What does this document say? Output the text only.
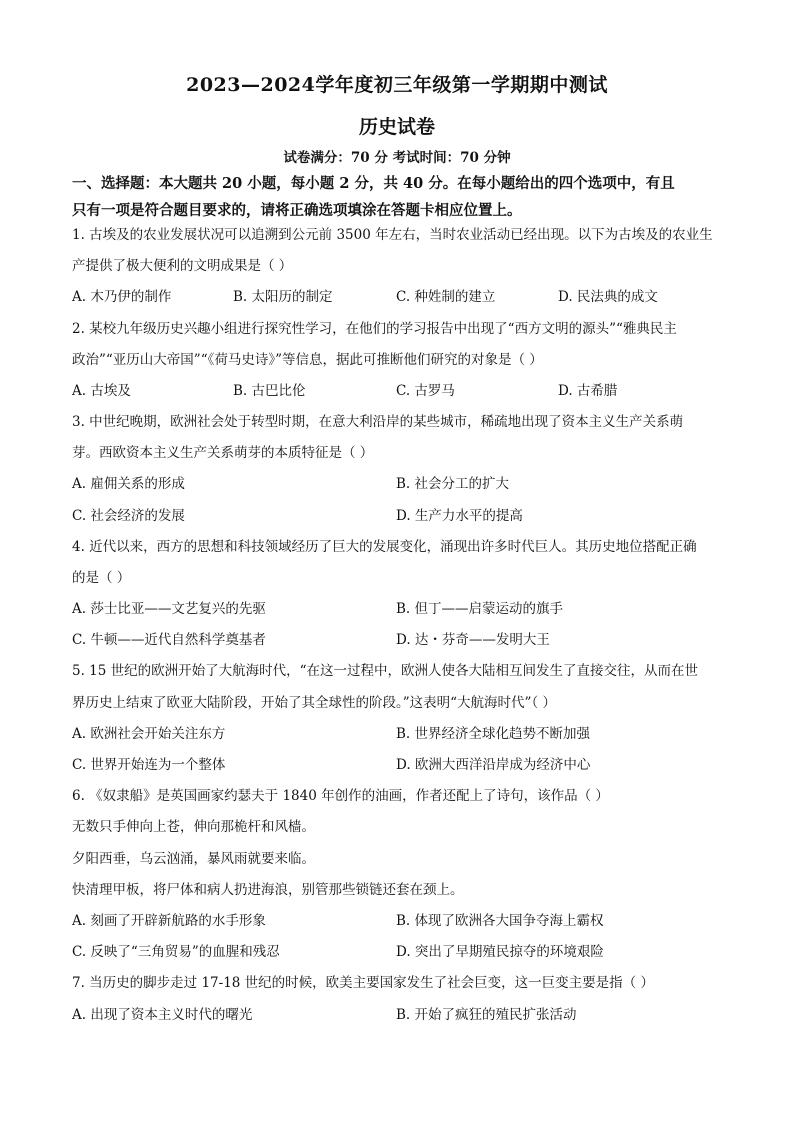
2023—2024学年度初三年级第一学期期中测试
历史试卷
试卷满分：70 分 考试时间：70 分钟
一、选择题：本大题共 20 小题，每小题 2 分，共 40 分。在每小题给出的四个选项中，有且
只有一项是符合题目要求的，请将正确选项填涂在答题卡相应位置上。
1. 古埃及的农业发展状况可以追溯到公元前 3500 年左右，当时农业活动已经出现。以下为古埃及的农业生
产提供了极大便利的文明成果是（ ）
A. 木乃伊的制作	B. 太阳历的制定	C. 种姓制的建立	D. 民法典的成文
2. 某校九年级历史兴趣小组进行探究性学习，在他们的学习报告中出现了“西方文明的源头”“雅典民主
政治”“亚历山大帝国”“《荷马史诗》”等信息，据此可推断他们研究的对象是（ ）
A. 古埃及	B. 古巴比伦	C. 古罗马	D. 古希腊
3. 中世纪晚期，欧洲社会处于转型时期，在意大利沿岸的某些城市，稀疏地出现了资本主义生产关系萌
芽。西欧资本主义生产关系萌芽的本质特征是（ ）
A. 雇佣关系的形成	B. 社会分工的扩大
C. 社会经济的发展	D. 生产力水平的提高
4. 近代以来，西方的思想和科技领域经历了巨大的发展变化，涌现出许多时代巨人。其历史地位搭配正确
的是（ ）
A. 莎士比亚——文艺复兴的先驱	B. 但丁——启蒙运动的旗手
C. 牛顿——近代自然科学奠基者	D. 达・芬奇——发明大王
5. 15 世纪的欧洲开始了大航海时代，“在这一过程中，欧洲人使各大陆相互间发生了直接交往，从而在世
界历史上结束了欧亚大陆阶段，开始了其全球性的阶段。”这表明“大航海时代”（ ）
A. 欧洲社会开始关注东方	B. 世界经济全球化趋势不断加强
C. 世界开始连为一个整体	D. 欧洲大西洋沿岸成为经济中心
6. 《奴隶船》是英国画家约瑟夫于 1840 年创作的油画，作者还配上了诗句，该作品（ ）
无数只手伸向上苍，伸向那桅杆和风樯。
夕阳西垂，乌云汹涌，暴风雨就要来临。
快清理甲板，将尸体和病人扔进海浪，别管那些锁链还套在颈上。
A. 刻画了开辟新航路的水手形象	B. 体现了欧洲各大国争夺海上霸权
C. 反映了“三角贸易”的血腥和残忍	D. 突出了早期殖民掠夺的环境艰险
7. 当历史的脚步走过 17-18 世纪的时候，欧美主要国家发生了社会巨变，这一巨变主要是指（ ）
A. 出现了资本主义时代的曙光	B. 开始了疯狂的殖民扩张活动
